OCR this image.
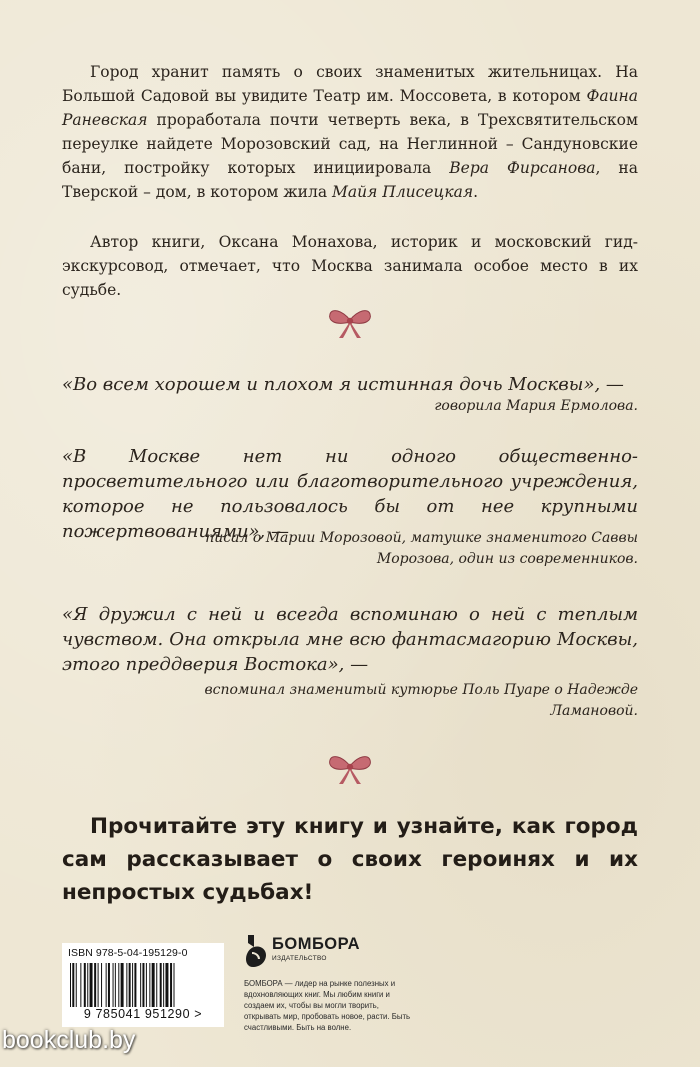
Город хранит память о своих знаменитых жительницах. На Большой Садовой вы увидите Театр им. Моссовета, в котором Фаина Раневская проработала почти четверть века, в Трехсвятительском переулке найдете Морозовский сад, на Неглинной – Сандуновские бани, постройку которых инициировала Вера Фирсанова, на Тверской – дом, в котором жила Майя Плисецкая.

Автор книги, Оксана Монахова, историк и московский гид-экскурсовод, отмечает, что Москва занимала особое место в их судьбе.

«Во всем хорошем и плохом я истинная дочь Москвы», —

говорила Мария Ермолова.

«В Москве нет ни одного общественно-просветительного или благотворительного учреждения, которое не пользовалось бы от нее крупными пожертвованиями», —

писал о Марии Морозовой, матушке знаменитого Саввы Морозова, один из современников.

«Я дружил с ней и всегда вспоминаю о ней с теплым чувством. Она открыла мне всю фантасмагорию Москвы, этого преддверия Востока», —

вспоминал знаменитый кутюрье Поль Пуаре о Надежде Ламановой.

Прочитайте эту книгу и узнайте, как город сам рассказывает о своих героинях и их непростых судьбах!

ISBN 978-5-04-195129-0
9 785041 951290 >
БОМБОРА
ИЗДАТЕЛЬСТВО

БОМБОРА — лидер на рынке полезных и вдохновляющих книг. Мы любим книги и создаем их, чтобы вы могли творить, открывать мир, пробовать новое, расти. Быть счастливыми. Быть на волне.

bookclub.by
